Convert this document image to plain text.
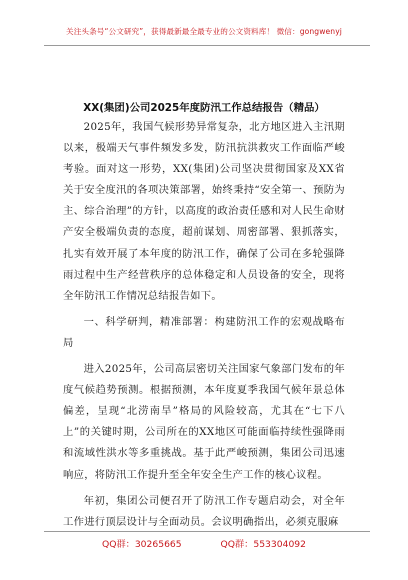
关注头条号“公文研究”，获得最新最全最专业的公文资料库！ 微信：gongwenyj
XX(集团)公司2025年度防汛工作总结报告（精品）

2025年，我国气候形势异常复杂，北方地区进入主汛期以来，极端天气事件频发多发，防汛抗洪救灾工作面临严峻考验。面对这一形势，XX(集团)公司坚决贯彻国家及XX省关于安全度汛的各项决策部署，始终秉持“安全第一、预防为主、综合治理”的方针，以高度的政治责任感和对人民生命财产安全极端负责的态度，超前谋划、周密部署、狠抓落实，扎实有效开展了本年度的防汛工作，确保了公司在多轮强降雨过程中生产经营秩序的总体稳定和人员设备的安全，现将全年防汛工作情况总结报告如下。

一、科学研判，精准部署：构建防汛工作的宏观战略布局

进入2025年，公司高层密切关注国家气象部门发布的年度气候趋势预测。根据预测，本年度夏季我国气候年景总体偏差，呈现“北涝南旱”格局的风险较高，尤其在“七下八上”的关键时期，公司所在的XX地区可能面临持续性强降雨和流域性洪水等多重挑战。基于此严峻预测，集团公司迅速响应，将防汛工作提升至全年安全生产工作的核心议程。

年初，集团公司便召开了防汛工作专题启动会，对全年工作进行顶层设计与全面动员。会议明确指出，必须克服麻

QQ群：30265665	QQ群：553304092
